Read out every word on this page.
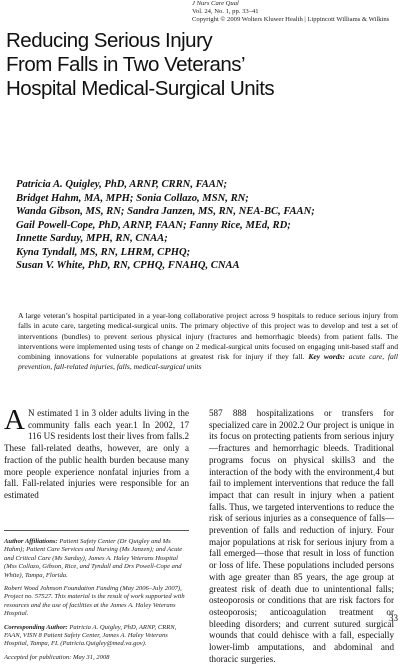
J Nurs Care Qual
Vol. 24, No. 1, pp. 33–41
Copyright © 2009 Wolters Kluwer Health | Lippincott Williams & Wilkins
Reducing Serious Injury
From Falls in Two Veterans’
Hospital Medical-Surgical Units
Patricia A. Quigley, PhD, ARNP, CRRN, FAAN;
Bridget Hahm, MA, MPH; Sonia Collazo, MSN, RN;
Wanda Gibson, MS, RN; Sandra Janzen, MS, RN, NEA-BC, FAAN;
Gail Powell-Cope, PhD, ARNP, FAAN; Fanny Rice, MEd, RD;
Innette Sarduy, MPH, RN, CNAA;
Kyna Tyndall, MS, RN, LHRM, CPHQ;
Susan V. White, PhD, RN, CPHQ, FNAHQ, CNAA
A large veteran’s hospital participated in a year-long collaborative project across 9 hospitals to reduce serious injury from falls in acute care, targeting medical-surgical units. The primary objective of this project was to develop and test a set of interventions (bundles) to prevent serious physical injury (fractures and hemorrhagic bleeds) from patient falls. The interventions were implemented using tests of change on 2 medical-surgical units focused on engaging unit-based staff and combining innovations for vulnerable populations at greatest risk for injury if they fall. Key words: acute care, fall prevention, fall-related injuries, falls, medical-surgical units
A N estimated 1 in 3 older adults living in the community falls each year.1 In 2002, 17 116 US residents lost their lives from falls.2 These fall-related deaths, however, are only a fraction of the public health burden because many more people experience nonfatal injuries from a fall. Fall-related injuries were responsible for an estimated

Author Affiliations: Patient Safety Center (Dr Quigley and Ms Hahm); Patient Care Services and Nursing (Ms Janzen); and Acute and Critical Care (Ms Sarduy), James A. Haley Veterans Hospital (Mss Collazo, Gibson, Rice, and Tyndall and Drs Powell-Cope and White), Tampa, Florida.

Robert Wood Johnson Foundation Funding (May 2006–July 2007), Project no. 57527. This material is the result of work supported with resources and the use of facilities at the James A. Haley Veterans Hospital.

Corresponding Author: Patricia A. Quigley, PhD, ARNP, CRRN, FAAN, VISN 8 Patient Safety Center, James A. Haley Veterans Hospital, Tampa, FL (Patricia.Quigley@med.va.gov).

Accepted for publication: May 31, 2008

587 888 hospitalizations or transfers for specialized care in 2002.2 Our project is unique in its focus on protecting patients from serious injury—fractures and hemorrhagic bleeds. Traditional programs focus on physical skills3 and the interaction of the body with the environment,4 but fail to implement interventions that reduce the fall impact that can result in injury when a patient falls. Thus, we targeted interventions to reduce the risk of serious injuries as a consequence of falls—prevention of falls and reduction of injury. Four major populations at risk for serious injury from a fall emerged—those that result in loss of function or loss of life. These populations included persons with age greater than 85 years, the age group at greatest risk of death due to unintentional falls; osteoporosis or conditions that are risk factors for osteoporosis; anticoagulation treatment or bleeding disorders; and current sutured surgical wounds that could dehisce with a fall, especially lower-limb amputations, and abdominal and thoracic surgeries.
33
